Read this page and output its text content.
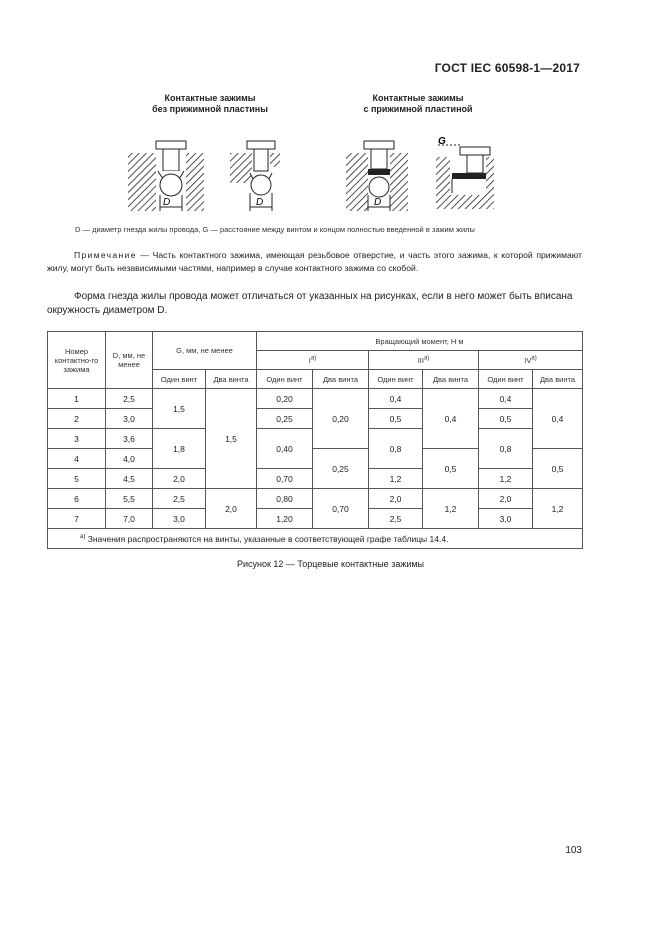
ГОСТ IEC 60598-1—2017
Контактные зажимы
без прижимной пластины
Контактные зажимы
с прижимной пластиной
D	D	D
G
D — диаметр гнезда жилы провода, G — расстояние между винтом и концом полностью введенной в зажим жилы
Примечание — Часть контактного зажима, имеющая резьбовое отверстие, и часть этого зажима, к которой прижимают жилу, могут быть независимыми частями, например в случае контактного зажима со скобой.
Форма гнезда жилы провода может отличаться от указанных на рисунках, если в него может быть вписана окружность диаметром D.
Номер контактно-го зажима	D, мм, не менее	G, мм, не менее		Вращающий момент, Н м					
				$I^{а)}$		$III^{а)}$		$IV^{а)}$
		Один винт	Два винта	Один винт	Два винта	Один винт	Два винта	Один винт	Два винта
1	2,5	1,5	1,5	0,20	0,20	0,4	0,4	0,4	0,4
2	3,0			0,25		0,5		0,5	
3	3,6	1,8		0,40		0,8		0,8	
4	4,0				0,25		0,5		0,5
5	4,5	2,0		0,70		1,2		1,2	
6	5,5	2,5	2,0	0,80	0,70	2,0	1,2	2,0	1,2
7	7,0	3,0		1,20		2,5		3,0	
$^{а)}$ Значения распространяются на винты, указанные в соответствующей графе таблицы 14.4.									
Рисунок 12 — Торцевые контактные зажимы
103
